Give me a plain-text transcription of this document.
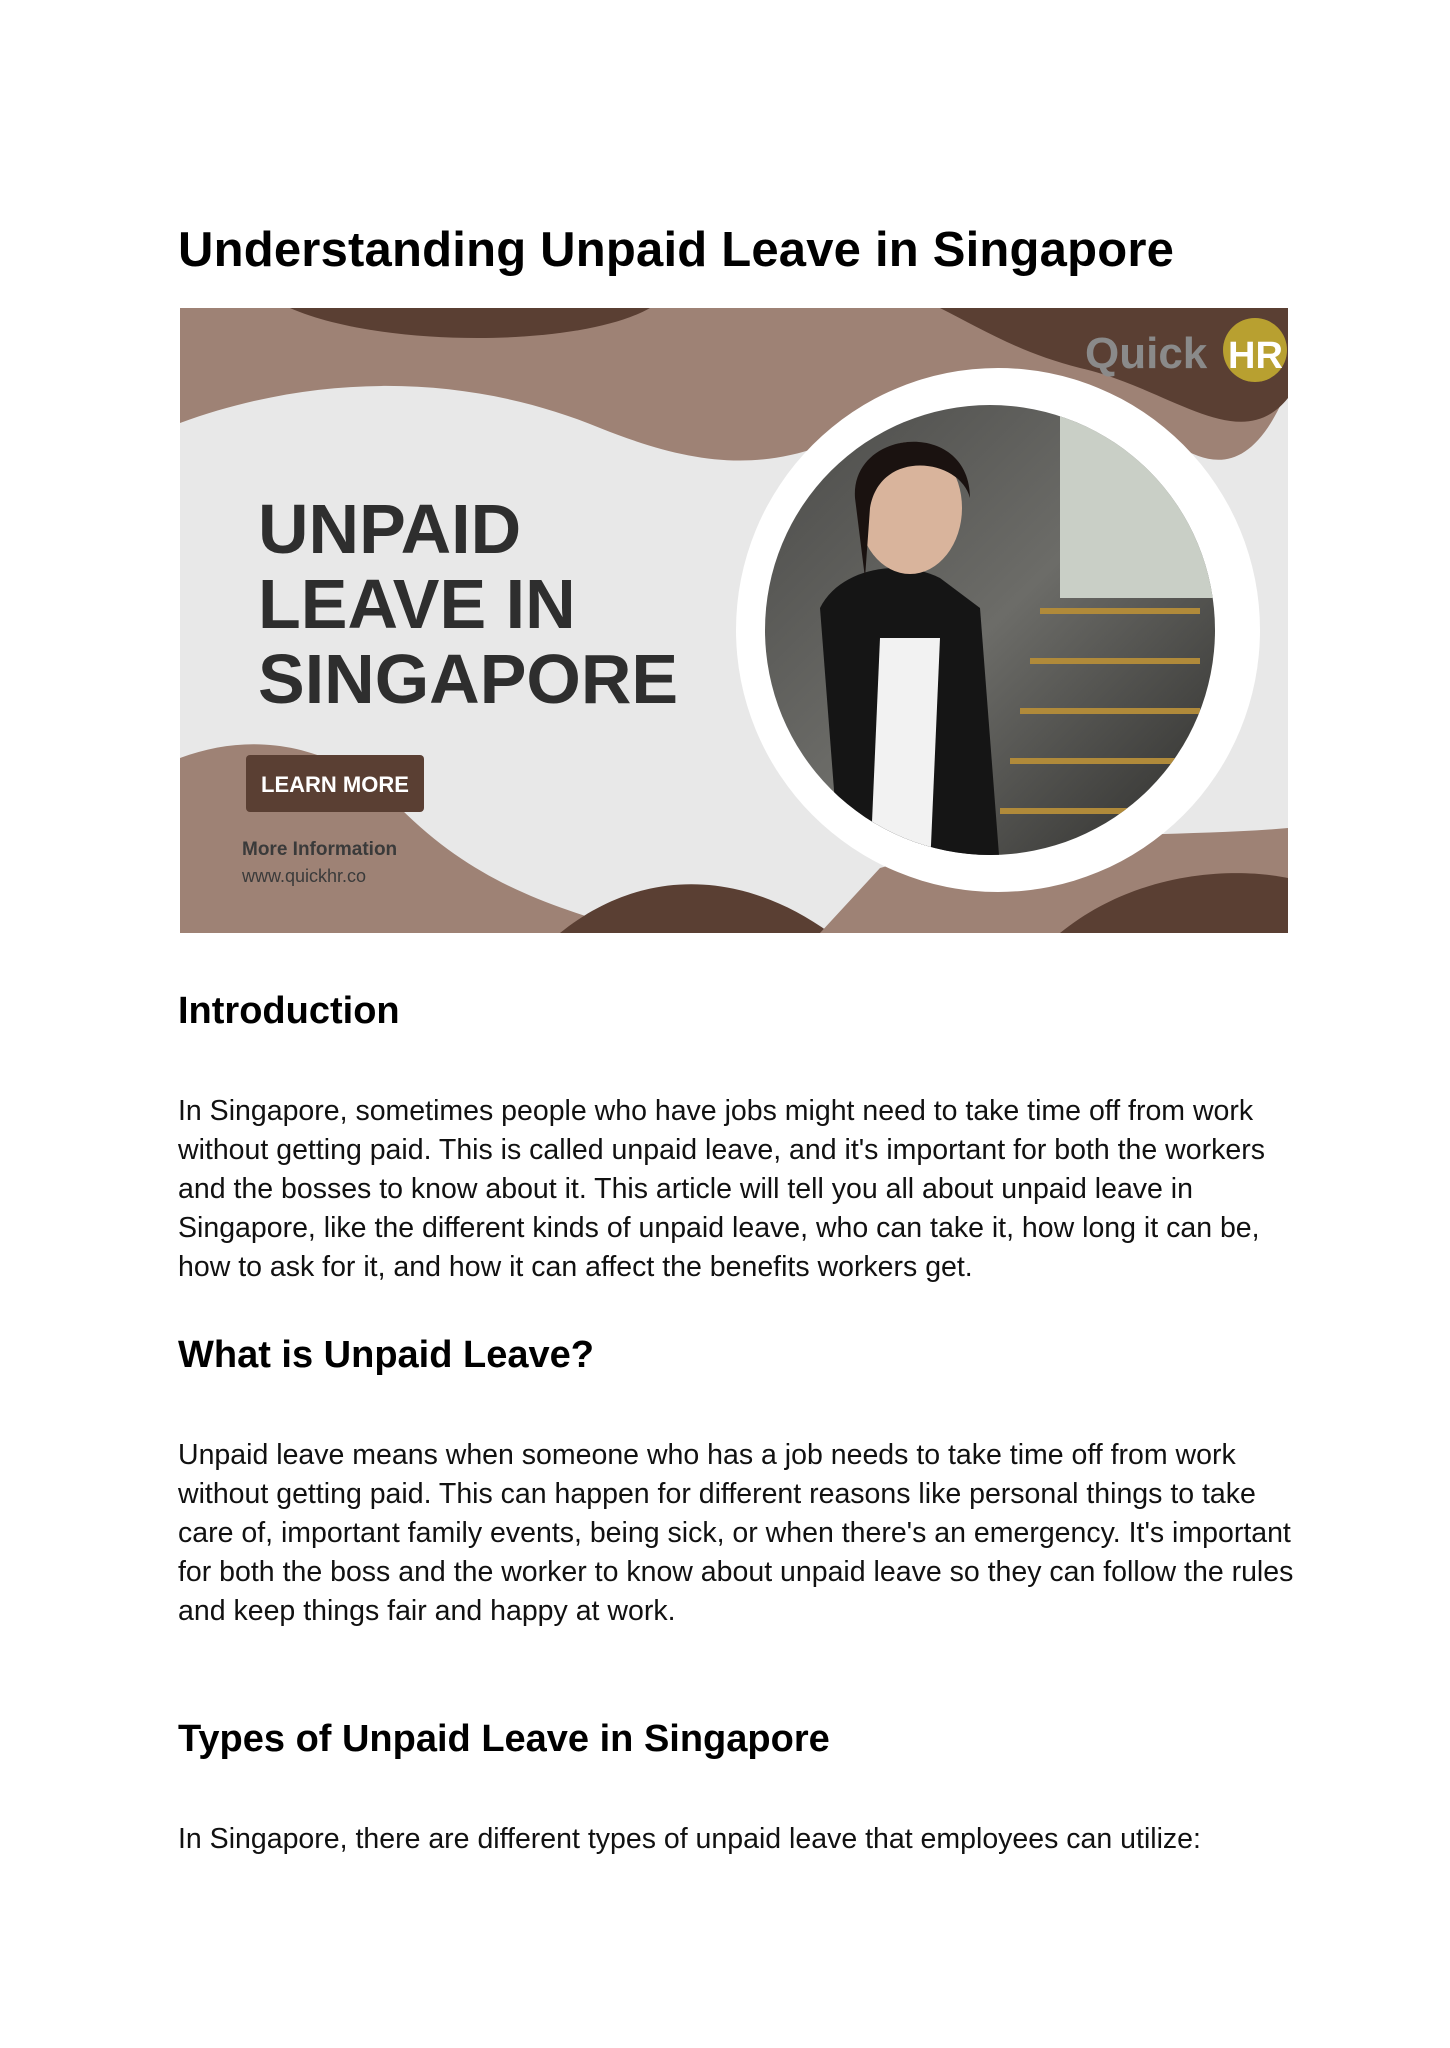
Understanding Unpaid Leave in Singapore
UNPAID
LEAVE IN
SINGAPORE
LEARN MORE
More Information
www.quickhr.co
Quick HR
Introduction

In Singapore, sometimes people who have jobs might need to take time off from work without getting paid. This is called unpaid leave, and it's important for both the workers and the bosses to know about it. This article will tell you all about unpaid leave in Singapore, like the different kinds of unpaid leave, who can take it, how long it can be, how to ask for it, and how it can affect the benefits workers get.

What is Unpaid Leave?

Unpaid leave means when someone who has a job needs to take time off from work without getting paid. This can happen for different reasons like personal things to take care of, important family events, being sick, or when there's an emergency. It's important for both the boss and the worker to know about unpaid leave so they can follow the rules and keep things fair and happy at work.

Types of Unpaid Leave in Singapore

In Singapore, there are different types of unpaid leave that employees can utilize:
